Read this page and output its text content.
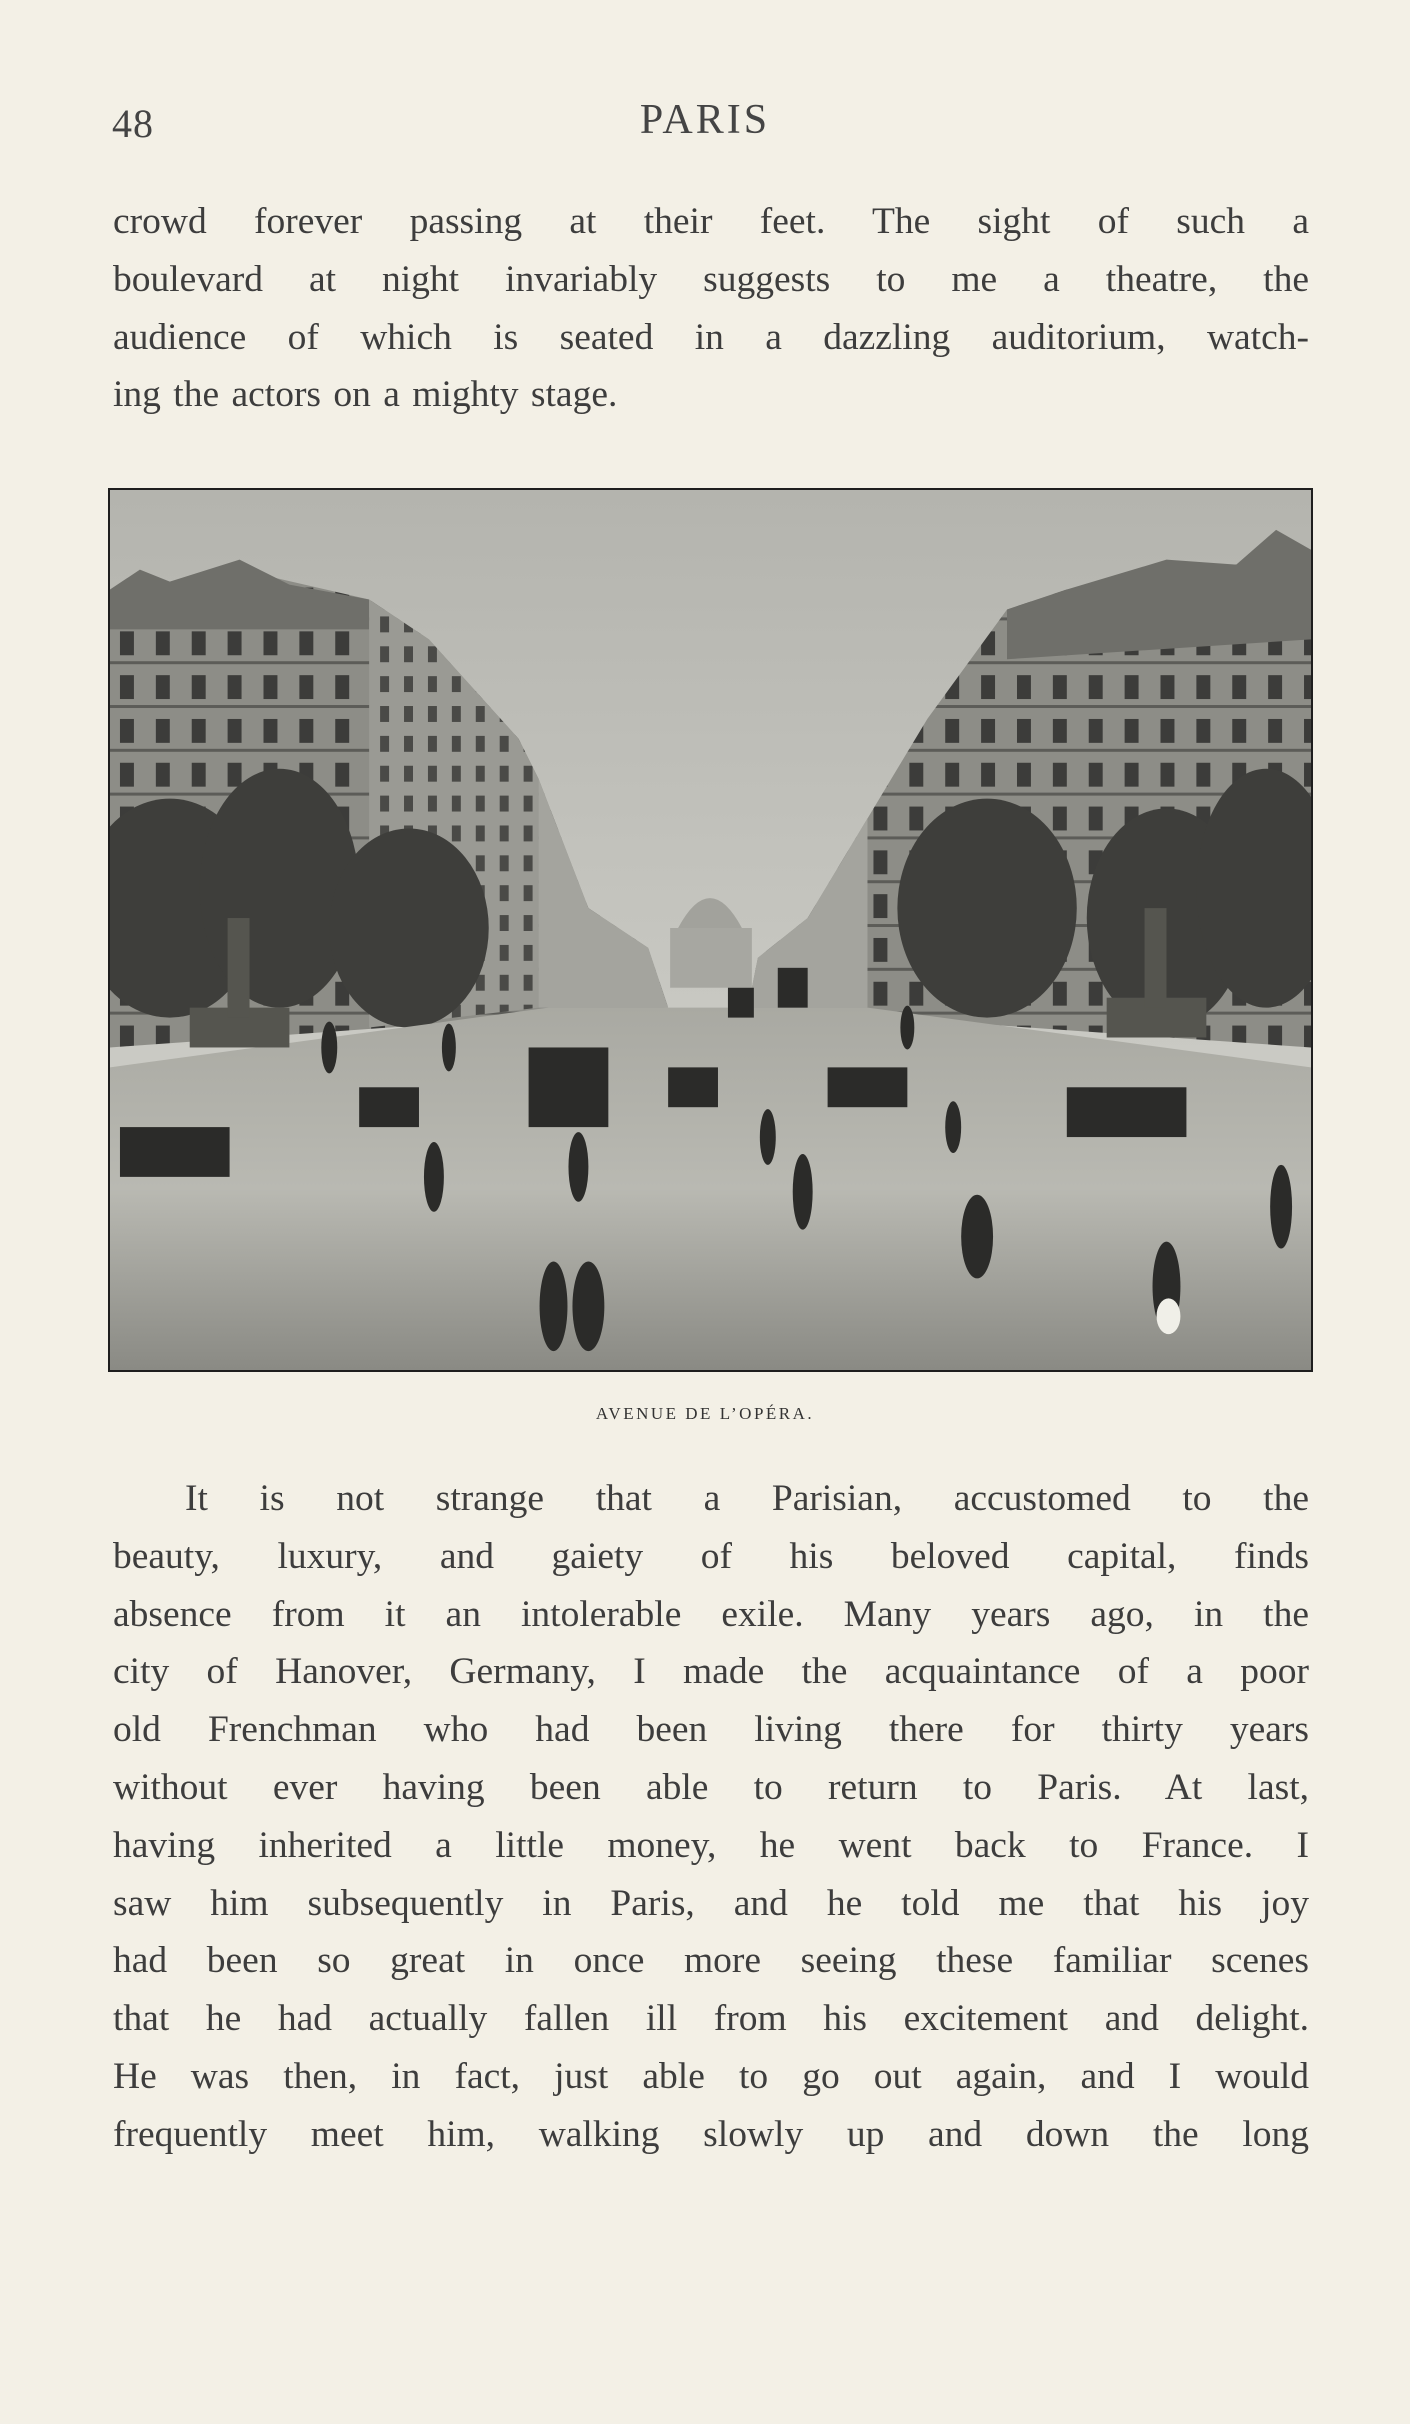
48	PARIS
crowd forever passing at their feet. The sight of such a
boulevard at night invariably suggests to me a theatre, the
audience of which is seated in a dazzling auditorium, watch-
ing the actors on a mighty stage.
AVENUE DE L’OPÉRA.
It is not strange that a Parisian, accustomed to the
beauty, luxury, and gaiety of his beloved capital, finds
absence from it an intolerable exile. Many years ago, in the
city of Hanover, Germany, I made the acquaintance of a poor
old Frenchman who had been living there for thirty years
without ever having been able to return to Paris. At last,
having inherited a little money, he went back to France. I
saw him subsequently in Paris, and he told me that his joy
had been so great in once more seeing these familiar scenes
that he had actually fallen ill from his excitement and delight.
He was then, in fact, just able to go out again, and I would
frequently meet him, walking slowly up and down the long
